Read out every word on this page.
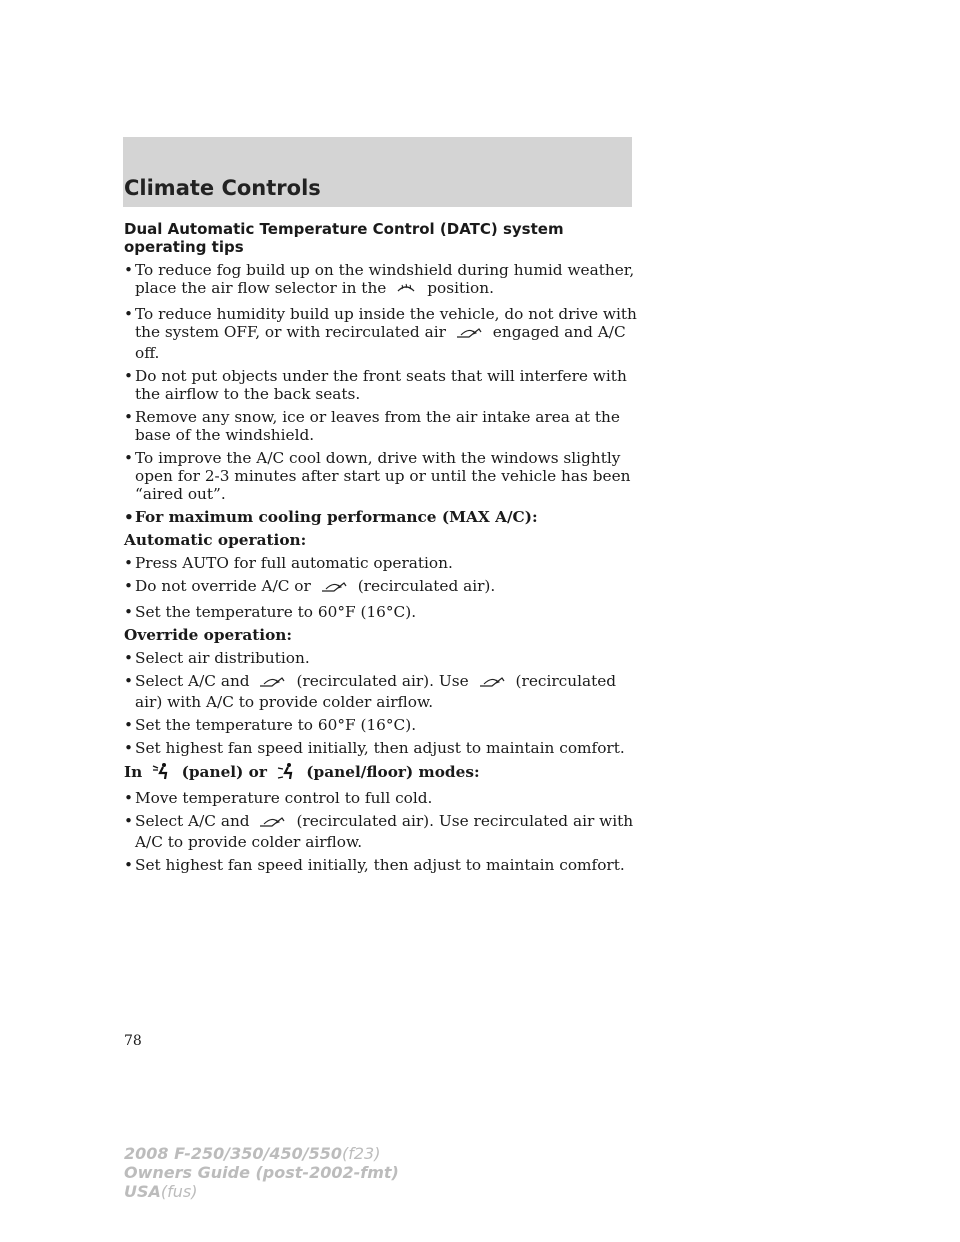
Climate Controls
Dual Automatic Temperature Control (DATC) system operating tips
• To reduce fog build up on the windshield during humid weather, place the air flow selector in the	position.
• To reduce humidity build up inside the vehicle, do not drive with the system OFF, or with recirculated air	engaged and A/C off.
• Do not put objects under the front seats that will interfere with the airflow to the back seats.
• Remove any snow, ice or leaves from the air intake area at the base of the windshield.
• To improve the A/C cool down, drive with the windows slightly open for 2-3 minutes after start up or until the vehicle has been “aired out”.
• For maximum cooling performance (MAX A/C):
Automatic operation:
• Press AUTO for full automatic operation.
• Do not override A/C or	(recirculated air).
• Set the temperature to 60°F (16°C).
Override operation:
• Select air distribution.
• Select A/C and	(recirculated air). Use	(recirculated air) with A/C to provide colder airflow.
• Set the temperature to 60°F (16°C).
• Set highest fan speed initially, then adjust to maintain comfort.
In	(panel) or	(panel/floor) modes:
• Move temperature control to full cold.
• Select A/C and	(recirculated air). Use recirculated air with A/C to provide colder airflow.
• Set highest fan speed initially, then adjust to maintain comfort.
78
2008 F-250/350/450/550(f23)
Owners Guide (post-2002-fmt)
USA(fus)
